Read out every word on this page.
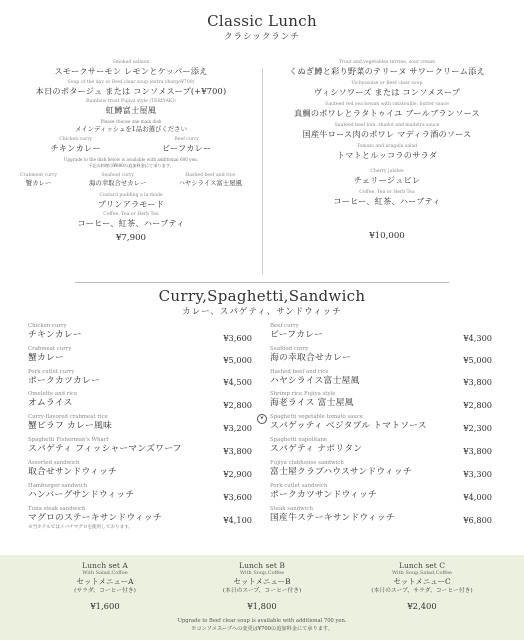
Classic Lunch
クラシックランチ
Smoked salmon
スモークサーモン レモンとケッパー添え
Soup of the day or Beef clear soup (extra charge¥700)
本日のポタージュ または コンソメスープ(+¥700)
Rainbow trout Fujiya style (TERIYAKI)
虹鱒富士屋風
Please choose one main dish
メインディッシュを1品お選びください
Chicken curry
チキンカレー
Beef curry
ビーフカレー
Upgrade to the dish below is available with additional 600 yen.
下記の料理は¥600の追加料金にて承ります。
Crabmeat curry
蟹カレー
Seafood curry
海の幸取合せカレー
Hashed beef and rice
ハヤシライス富士屋風
Custard pudding a la mode
プリンアラモード
Coffee, Tea or Herb Tea
コーヒー、紅茶、ハーブティ
¥7,900
Trout and vegetables terrine, sour cream
くぬぎ鱒と彩り野菜のテリーヌ サワークリーム添え
Vichyssoise or Beef clear soup
ヴィシソワーズ または コンソメスープ
Sauteed red sea bream with ratatouille, butter sauce
真鯛のポワレとラタトゥイユ ブールブランソース
Sauteed beef loin, shallot and madeira sauce
国産牛ロース肉のポワレ マディラ酒のソース
Tomato and arugula salad
トマトとルッコラのサラダ
Cherry jubilee
チェリージュビレ
Coffee, Tea or Herb Tea
コーヒー、紅茶、ハーブティ
¥10,000
Curry,Spaghetti,Sandwich
カレー、スパゲティ、サンドウィッチ
Chicken curry
チキンカレー	¥3,600
Crabmeat curry
蟹カレー	¥5,000
Pork cutlet curry
ポークカツカレー	¥4,500
Omelette and rice
オムライス	¥2,800
Curry-flavored crabmeat rice
蟹ピラフ カレー風味	¥3,200
Spaghetti Fisherman's Wharf
スパゲティ フィッシャーマンズワーフ	¥3,800
Assorted sandwich
取合せサンドウィッチ	¥2,900
Hamburger sandwich
ハンバーグサンドウィッチ	¥3,600
Tuna steak sandwich
マグロのステーキサンドウィッチ	¥4,100
※当ホテルではメバチマグロを使用しております。
Beef curry
ビーフカレー	¥4,300
Seafood curry
海の幸取合せカレー	¥5,000
Hashed beef and rice
ハヤシライス富士屋風	¥3,800
Shrimp rice Fujiya style
海老ライス 富士屋風	¥2,800
❦	Spaghetti vegetable tomato sauce
スパゲッティ ベジタブル トマトソース	¥2,300
Spaghetti napolitane
スパゲティ ナポリタン	¥3,800
Fujiya clubhouse sandwich
富士屋クラブハウスサンドウィッチ	¥3,300
Pork cutlet sandwich
ポークカツサンドウィッチ	¥4,000
Steak sandwich
国産牛ステーキサンドウィッチ	¥6,800
Lunch set A
With Salad,Coffee
セットメニューA
(サラダ、コーヒー付き)
¥1,600
Lunch set B
With Soup,Coffee
セットメニューB
(本日のスープ、コーヒー付き)
¥1,800
Lunch set C
With Soup,Salad,Coffee
セットメニューC
(本日のスープ、サラダ、コーヒー付き)
¥2,400
Upgrade to Beef clear soup is available with additional 700 yen.
※コンソメスープへの変更は¥700の追加料金にて承ります。
